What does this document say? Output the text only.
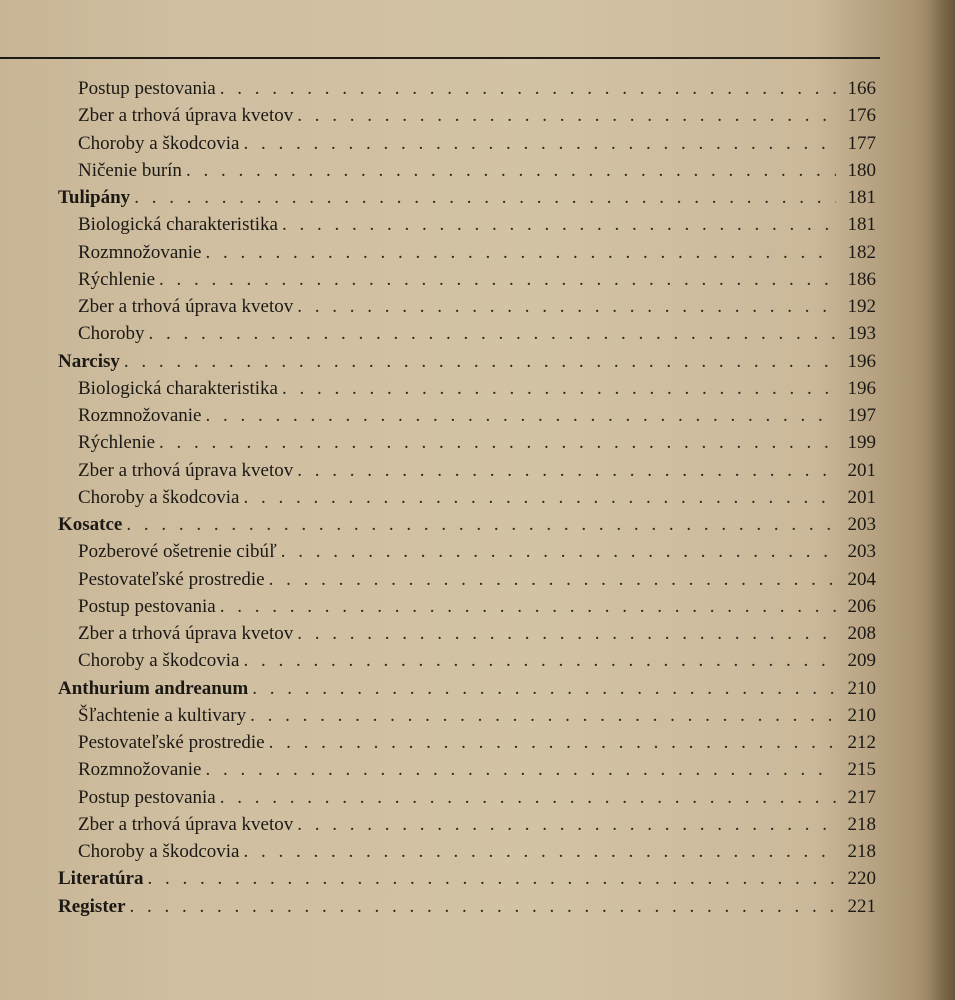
Postup pestovania . . .	166
Zber a trhová úprava kvetov . . .	176
Choroby a škodcovia . . .	177
Ničenie burín . . .	180
Tulipány . . .	181
Biologická charakteristika . . .	181
Rozmnožovanie . . .	182
Rýchlenie . . .	186
Zber a trhová úprava kvetov . . .	192
Choroby . . .	193
Narcisy . . .	196
Biologická charakteristika . . .	196
Rozmnožovanie . . .	197
Rýchlenie . . .	199
Zber a trhová úprava kvetov . . .	201
Choroby a škodcovia . . .	201
Kosatce . . .	203
Pozberové ošetrenie cibúľ . . .	203
Pestovateľské prostredie . . .	204
Postup pestovania . . .	206
Zber a trhová úprava kvetov . . .	208
Choroby a škodcovia . . .	209
Anthurium andreanum . . .	210
Šľachtenie a kultivary . . .	210
Pestovateľské prostredie . . .	212
Rozmnožovanie . . .	215
Postup pestovania . . .	217
Zber a trhová úprava kvetov . . .	218
Choroby a škodcovia . . .	218
Literatúra . . .	220
Register . . .	221
